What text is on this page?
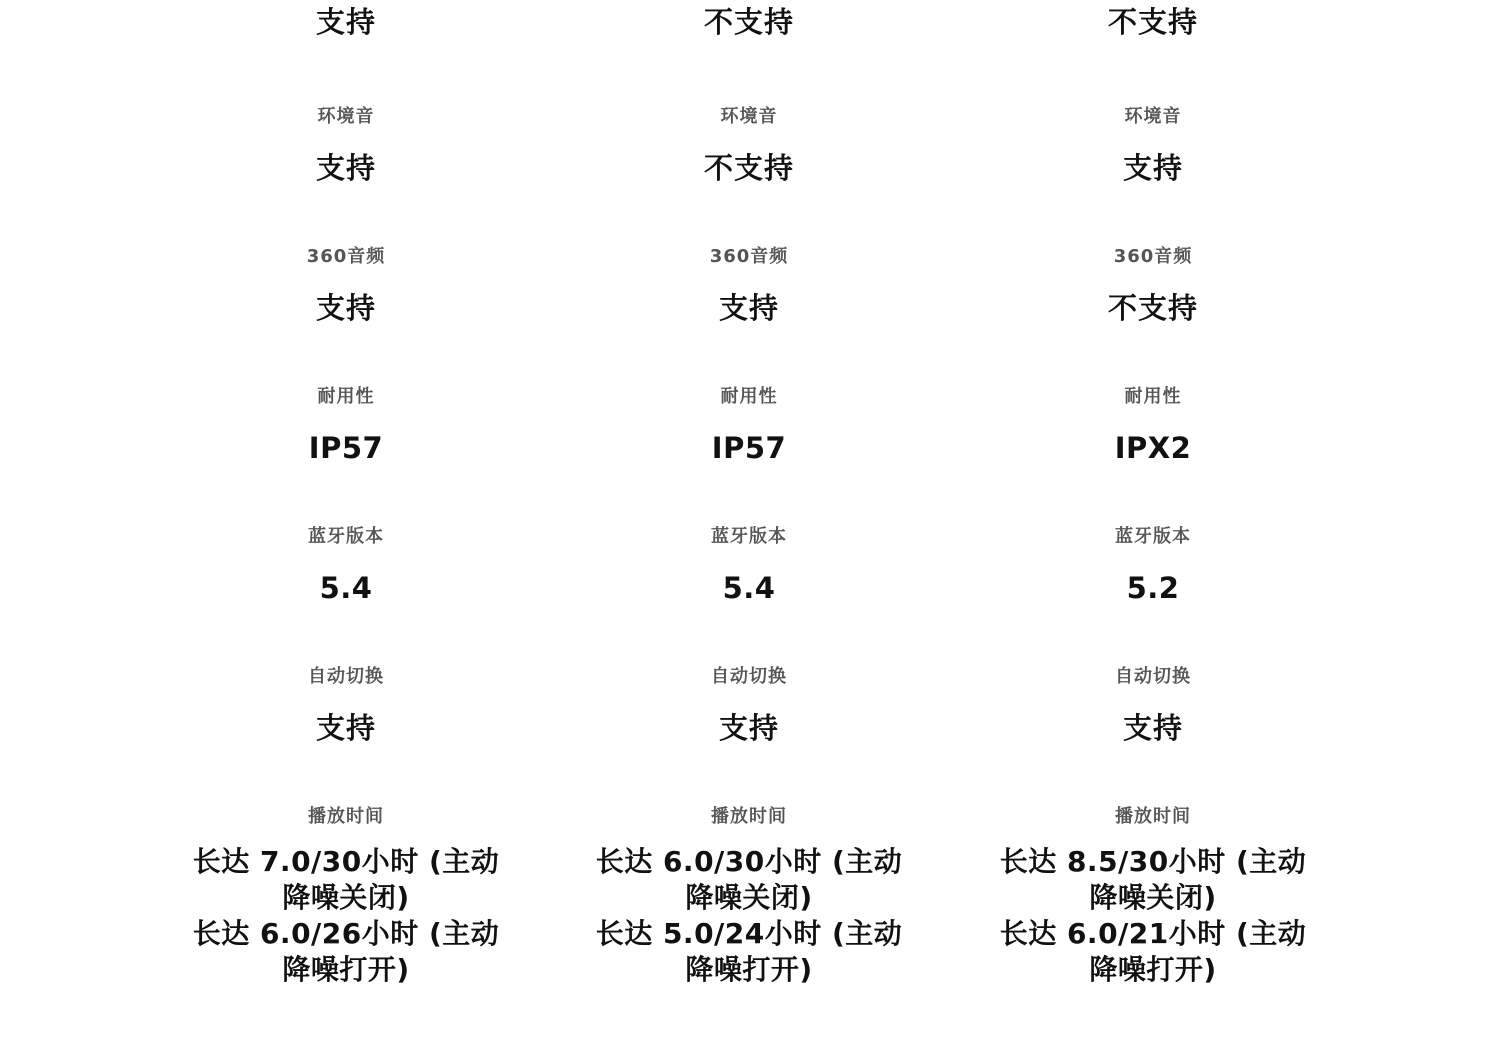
支持
环境音
支持
360音频
支持
耐用性
IP57
蓝牙版本
5.4
自动切换
支持
播放时间
长达 7.0/30小时 (主动降噪关闭)
长达 6.0/26小时 (主动降噪打开)
不支持
环境音
不支持
360音频
支持
耐用性
IP57
蓝牙版本
5.4
自动切换
支持
播放时间
长达 6.0/30小时 (主动降噪关闭)
长达 5.0/24小时 (主动降噪打开)
不支持
环境音
支持
360音频
不支持
耐用性
IPX2
蓝牙版本
5.2
自动切换
支持
播放时间
长达 8.5/30小时 (主动降噪关闭)
长达 6.0/21小时 (主动降噪打开)
